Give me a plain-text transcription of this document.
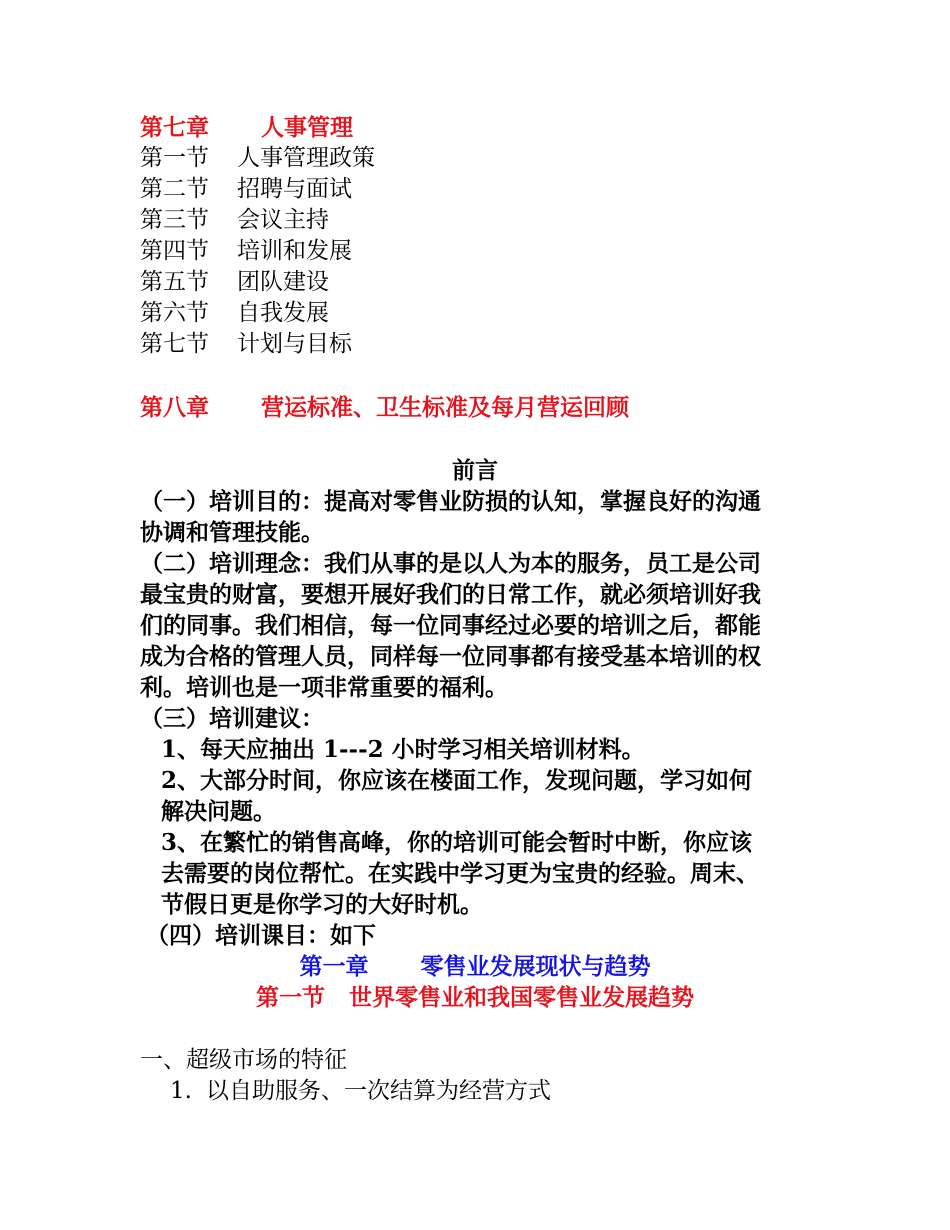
第七章 人事管理
第一节 人事管理政策
第二节 招聘与面试
第三节 会议主持
第四节 培训和发展
第五节 团队建设
第六节 自我发展
第七节 计划与目标
第八章 营运标准、卫生标准及每月营运回顾
前言
（一）培训目的：提高对零售业防损的认知，掌握良好的沟通
协调和管理技能。
（二）培训理念：我们从事的是以人为本的服务，员工是公司
最宝贵的财富，要想开展好我们的日常工作，就必须培训好我
们的同事。我们相信，每一位同事经过必要的培训之后，都能
成为合格的管理人员，同样每一位同事都有接受基本培训的权
利。培训也是一项非常重要的福利。
（三）培训建议：
1、每天应抽出 1---2 小时学习相关培训材料。
2、大部分时间，你应该在楼面工作，发现问题，学习如何
解决问题。
3、在繁忙的销售高峰，你的培训可能会暂时中断，你应该
去需要的岗位帮忙。在实践中学习更为宝贵的经验。周末、
节假日更是你学习的大好时机。
（四）培训课目：如下
第一章 零售业发展现状与趋势
第一节 世界零售业和我国零售业发展趋势
一、超级市场的特征
1. 以自助服务、一次结算为经营方式
